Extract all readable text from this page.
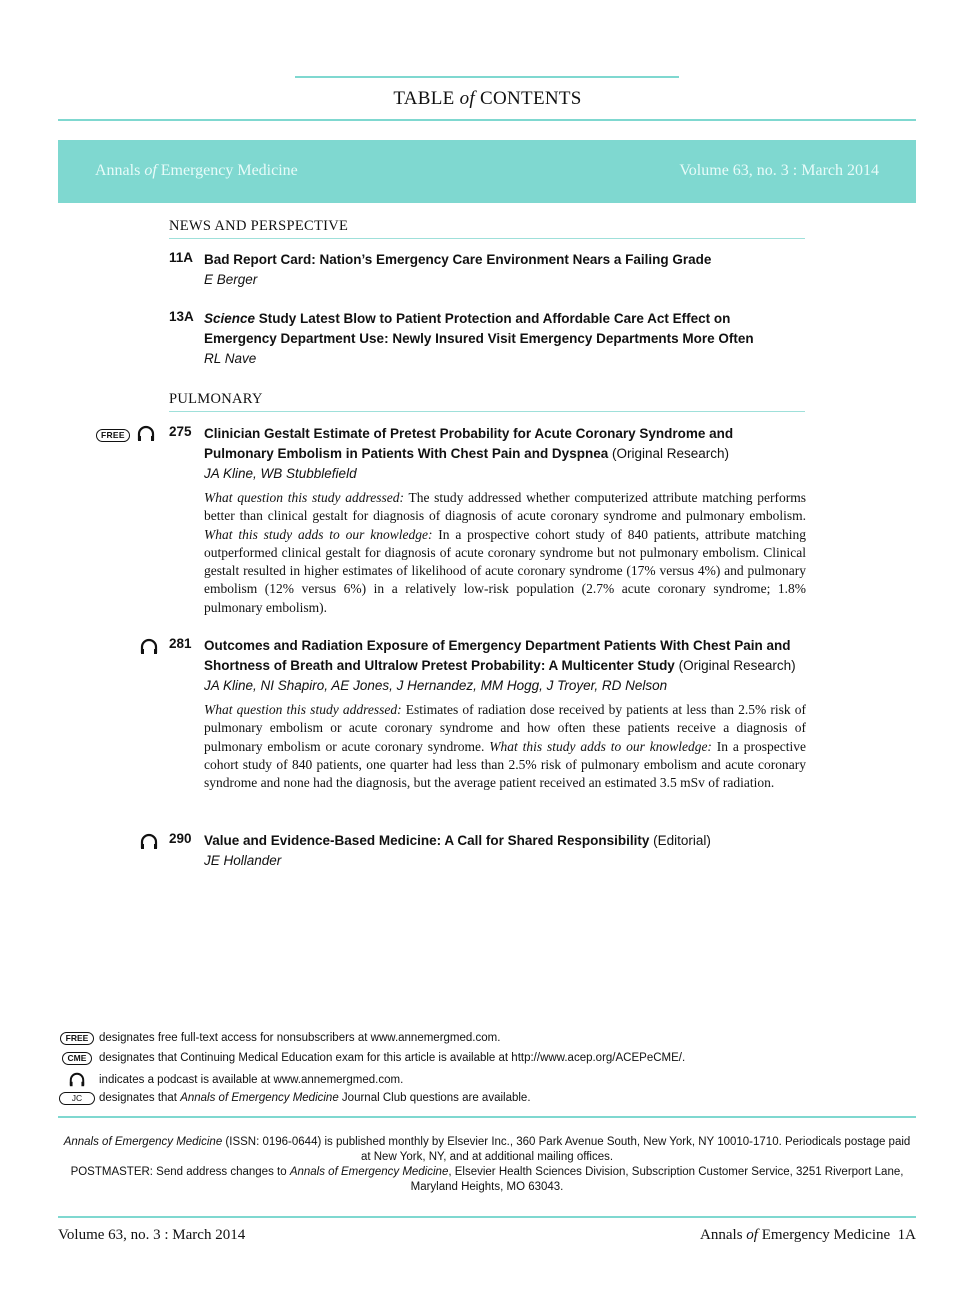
TABLE of CONTENTS
Annals of Emergency Medicine	Volume 63, no. 3 : March 2014
NEWS AND PERSPECTIVE
11A Bad Report Card: Nation’s Emergency Care Environment Nears a Failing Grade
E Berger
13A Science Study Latest Blow to Patient Protection and Affordable Care Act Effect on Emergency Department Use: Newly Insured Visit Emergency Departments More Often
RL Nave
PULMONARY
FREE	275 Clinician Gestalt Estimate of Pretest Probability for Acute Coronary Syndrome and Pulmonary Embolism in Patients With Chest Pain and Dyspnea (Original Research)
JA Kline, WB Stubblefield
What question this study addressed: The study addressed whether computerized attribute matching performs better than clinical gestalt for diagnosis of diagnosis of acute coronary syndrome and pulmonary embolism. What this study adds to our knowledge: In a prospective cohort study of 840 patients, attribute matching outperformed clinical gestalt for diagnosis of acute coronary syndrome but not pulmonary embolism. Clinical gestalt resulted in higher estimates of likelihood of acute coronary syndrome (17% versus 4%) and pulmonary embolism (12% versus 6%) in a relatively low-risk population (2.7% acute coronary syndrome; 1.8% pulmonary embolism).
281 Outcomes and Radiation Exposure of Emergency Department Patients With Chest Pain and Shortness of Breath and Ultralow Pretest Probability: A Multicenter Study (Original Research)
JA Kline, NI Shapiro, AE Jones, J Hernandez, MM Hogg, J Troyer, RD Nelson
What question this study addressed: Estimates of radiation dose received by patients at less than 2.5% risk of pulmonary embolism or acute coronary syndrome and how often these patients receive a diagnosis of pulmonary embolism or acute coronary syndrome. What this study adds to our knowledge: In a prospective cohort study of 840 patients, one quarter had less than 2.5% risk of pulmonary embolism and acute coronary syndrome and none had the diagnosis, but the average patient received an estimated 3.5 mSv of radiation.
290 Value and Evidence-Based Medicine: A Call for Shared Responsibility (Editorial)
JE Hollander
FREE designates free full-text access for nonsubscribers at www.annemergmed.com.
CME designates that Continuing Medical Education exam for this article is available at http://www.acep.org/ACEPeCME/.
indicates a podcast is available at www.annemergmed.com.
JC designates that Annals of Emergency Medicine Journal Club questions are available.
Annals of Emergency Medicine (ISSN: 0196-0644) is published monthly by Elsevier Inc., 360 Park Avenue South, New York, NY 10010-1710. Periodicals postage paid at New York, NY, and at additional mailing offices.
POSTMASTER: Send address changes to Annals of Emergency Medicine, Elsevier Health Sciences Division, Subscription Customer Service, 3251 Riverport Lane, Maryland Heights, MO 63043.
Volume 63, no. 3 : March 2014	Annals of Emergency Medicine 1A
